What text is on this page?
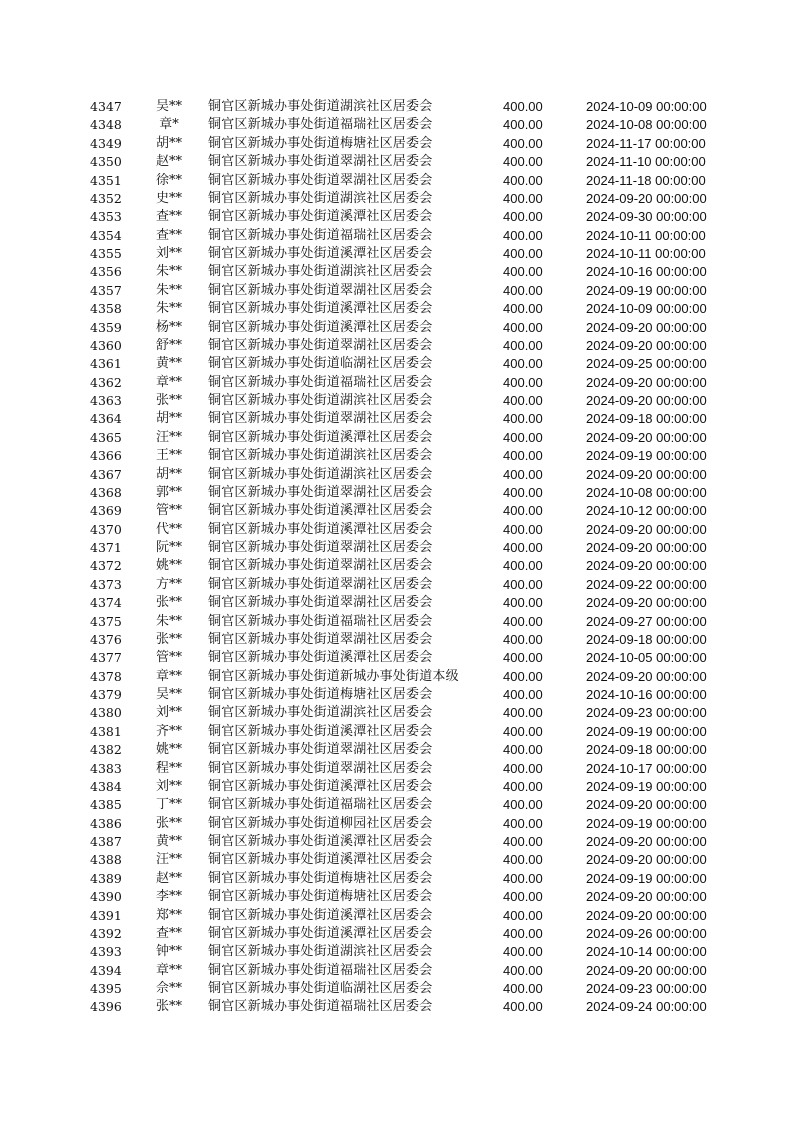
4347	吴**	铜官区新城办事处街道湖滨社区居委会	400.00	2024-10-09 00:00:00
4348	章*	铜官区新城办事处街道福瑞社区居委会	400.00	2024-10-08 00:00:00
4349	胡**	铜官区新城办事处街道梅塘社区居委会	400.00	2024-11-17 00:00:00
4350	赵**	铜官区新城办事处街道翠湖社区居委会	400.00	2024-11-10 00:00:00
4351	徐**	铜官区新城办事处街道翠湖社区居委会	400.00	2024-11-18 00:00:00
4352	史**	铜官区新城办事处街道湖滨社区居委会	400.00	2024-09-20 00:00:00
4353	查**	铜官区新城办事处街道溪潭社区居委会	400.00	2024-09-30 00:00:00
4354	查**	铜官区新城办事处街道福瑞社区居委会	400.00	2024-10-11 00:00:00
4355	刘**	铜官区新城办事处街道溪潭社区居委会	400.00	2024-10-11 00:00:00
4356	朱**	铜官区新城办事处街道湖滨社区居委会	400.00	2024-10-16 00:00:00
4357	朱**	铜官区新城办事处街道翠湖社区居委会	400.00	2024-09-19 00:00:00
4358	朱**	铜官区新城办事处街道溪潭社区居委会	400.00	2024-10-09 00:00:00
4359	杨**	铜官区新城办事处街道溪潭社区居委会	400.00	2024-09-20 00:00:00
4360	舒**	铜官区新城办事处街道翠湖社区居委会	400.00	2024-09-20 00:00:00
4361	黄**	铜官区新城办事处街道临湖社区居委会	400.00	2024-09-25 00:00:00
4362	章**	铜官区新城办事处街道福瑞社区居委会	400.00	2024-09-20 00:00:00
4363	张**	铜官区新城办事处街道湖滨社区居委会	400.00	2024-09-20 00:00:00
4364	胡**	铜官区新城办事处街道翠湖社区居委会	400.00	2024-09-18 00:00:00
4365	汪**	铜官区新城办事处街道溪潭社区居委会	400.00	2024-09-20 00:00:00
4366	王**	铜官区新城办事处街道湖滨社区居委会	400.00	2024-09-19 00:00:00
4367	胡**	铜官区新城办事处街道湖滨社区居委会	400.00	2024-09-20 00:00:00
4368	郭**	铜官区新城办事处街道翠湖社区居委会	400.00	2024-10-08 00:00:00
4369	管**	铜官区新城办事处街道溪潭社区居委会	400.00	2024-10-12 00:00:00
4370	代**	铜官区新城办事处街道溪潭社区居委会	400.00	2024-09-20 00:00:00
4371	阮**	铜官区新城办事处街道翠湖社区居委会	400.00	2024-09-20 00:00:00
4372	姚**	铜官区新城办事处街道翠湖社区居委会	400.00	2024-09-20 00:00:00
4373	方**	铜官区新城办事处街道翠湖社区居委会	400.00	2024-09-22 00:00:00
4374	张**	铜官区新城办事处街道翠湖社区居委会	400.00	2024-09-20 00:00:00
4375	朱**	铜官区新城办事处街道福瑞社区居委会	400.00	2024-09-27 00:00:00
4376	张**	铜官区新城办事处街道翠湖社区居委会	400.00	2024-09-18 00:00:00
4377	管**	铜官区新城办事处街道溪潭社区居委会	400.00	2024-10-05 00:00:00
4378	章**	铜官区新城办事处街道新城办事处街道本级	400.00	2024-09-20 00:00:00
4379	吴**	铜官区新城办事处街道梅塘社区居委会	400.00	2024-10-16 00:00:00
4380	刘**	铜官区新城办事处街道湖滨社区居委会	400.00	2024-09-23 00:00:00
4381	齐**	铜官区新城办事处街道溪潭社区居委会	400.00	2024-09-19 00:00:00
4382	姚**	铜官区新城办事处街道翠湖社区居委会	400.00	2024-09-18 00:00:00
4383	程**	铜官区新城办事处街道翠湖社区居委会	400.00	2024-10-17 00:00:00
4384	刘**	铜官区新城办事处街道溪潭社区居委会	400.00	2024-09-19 00:00:00
4385	丁**	铜官区新城办事处街道福瑞社区居委会	400.00	2024-09-20 00:00:00
4386	张**	铜官区新城办事处街道柳园社区居委会	400.00	2024-09-19 00:00:00
4387	黄**	铜官区新城办事处街道溪潭社区居委会	400.00	2024-09-20 00:00:00
4388	汪**	铜官区新城办事处街道溪潭社区居委会	400.00	2024-09-20 00:00:00
4389	赵**	铜官区新城办事处街道梅塘社区居委会	400.00	2024-09-19 00:00:00
4390	李**	铜官区新城办事处街道梅塘社区居委会	400.00	2024-09-20 00:00:00
4391	郑**	铜官区新城办事处街道溪潭社区居委会	400.00	2024-09-20 00:00:00
4392	查**	铜官区新城办事处街道溪潭社区居委会	400.00	2024-09-26 00:00:00
4393	钟**	铜官区新城办事处街道湖滨社区居委会	400.00	2024-10-14 00:00:00
4394	章**	铜官区新城办事处街道福瑞社区居委会	400.00	2024-09-20 00:00:00
4395	佘**	铜官区新城办事处街道临湖社区居委会	400.00	2024-09-23 00:00:00
4396	张**	铜官区新城办事处街道福瑞社区居委会	400.00	2024-09-24 00:00:00
